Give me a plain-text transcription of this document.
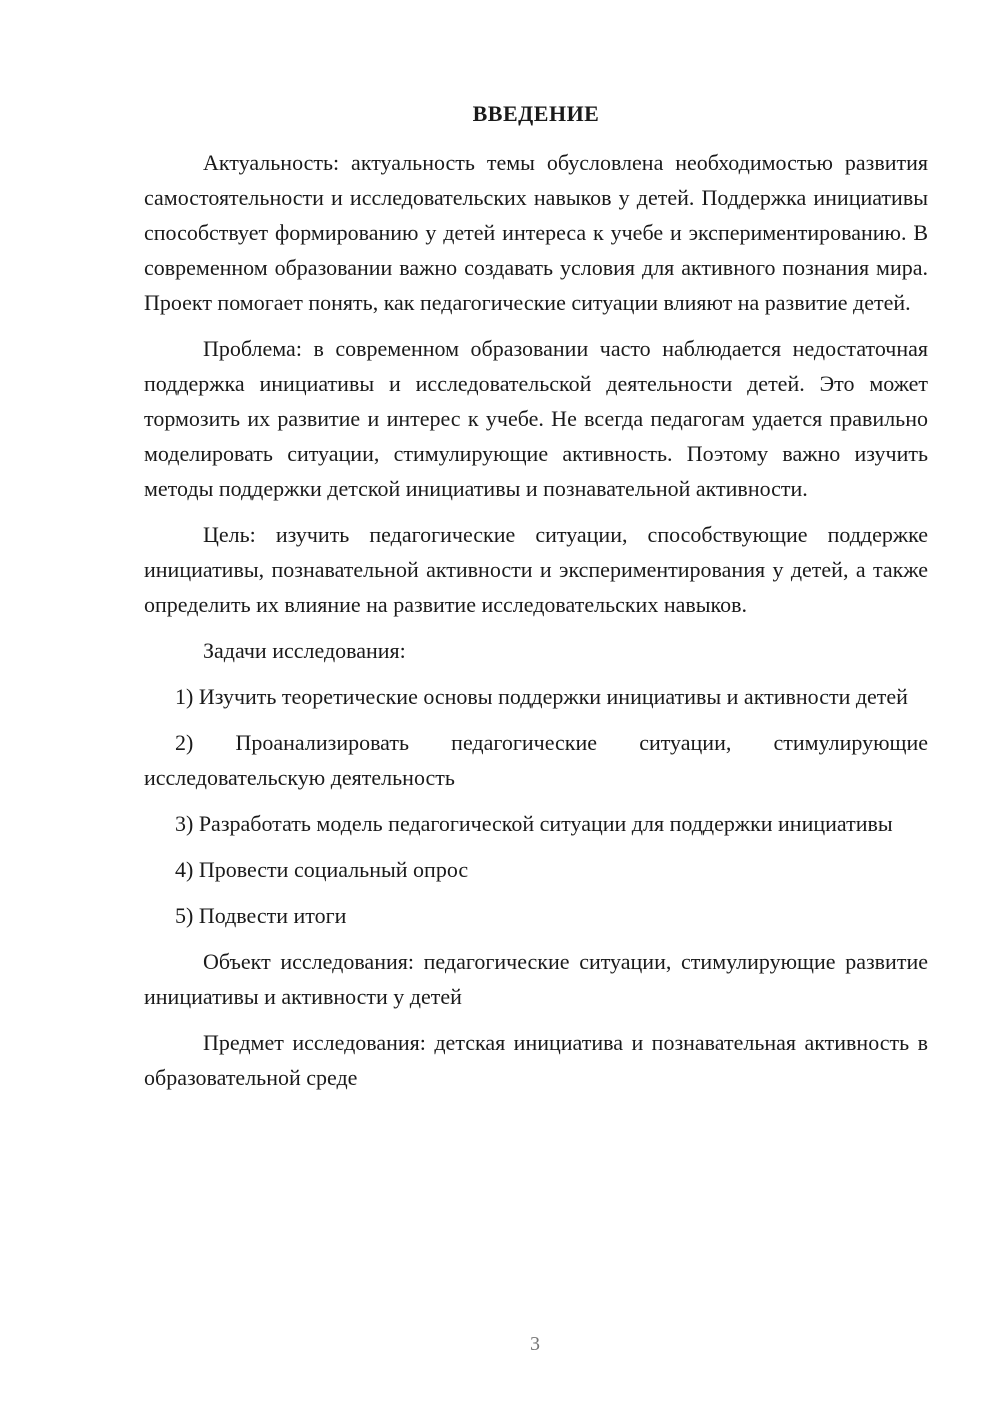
ВВЕДЕНИЕ

Актуальность: актуальность темы обусловлена необходимостью развития самостоятельности и исследовательских навыков у детей. Поддержка инициативы способствует формированию у детей интереса к учебе и экспериментированию. В современном образовании важно создавать условия для активного познания мира. Проект помогает понять, как педагогические ситуации влияют на развитие детей.

Проблема: в современном образовании часто наблюдается недостаточная поддержка инициативы и исследовательской деятельности детей. Это может тормозить их развитие и интерес к учебе. Не всегда педагогам удается правильно моделировать ситуации, стимулирующие активность. Поэтому важно изучить методы поддержки детской инициативы и познавательной активности.

Цель: изучить педагогические ситуации, способствующие поддержке инициативы, познавательной активности и экспериментирования у детей, а также определить их влияние на развитие исследовательских навыков.

Задачи исследования:

1) Изучить теоретические основы поддержки инициативы и активности детей

2) Проанализировать педагогические ситуации, стимулирующие исследовательскую деятельность

3) Разработать модель педагогической ситуации для поддержки инициативы

4) Провести социальный опрос

5) Подвести итоги

Объект исследования: педагогические ситуации, стимулирующие развитие инициативы и активности у детей

Предмет исследования: детская инициатива и познавательная активность в образовательной среде

3
